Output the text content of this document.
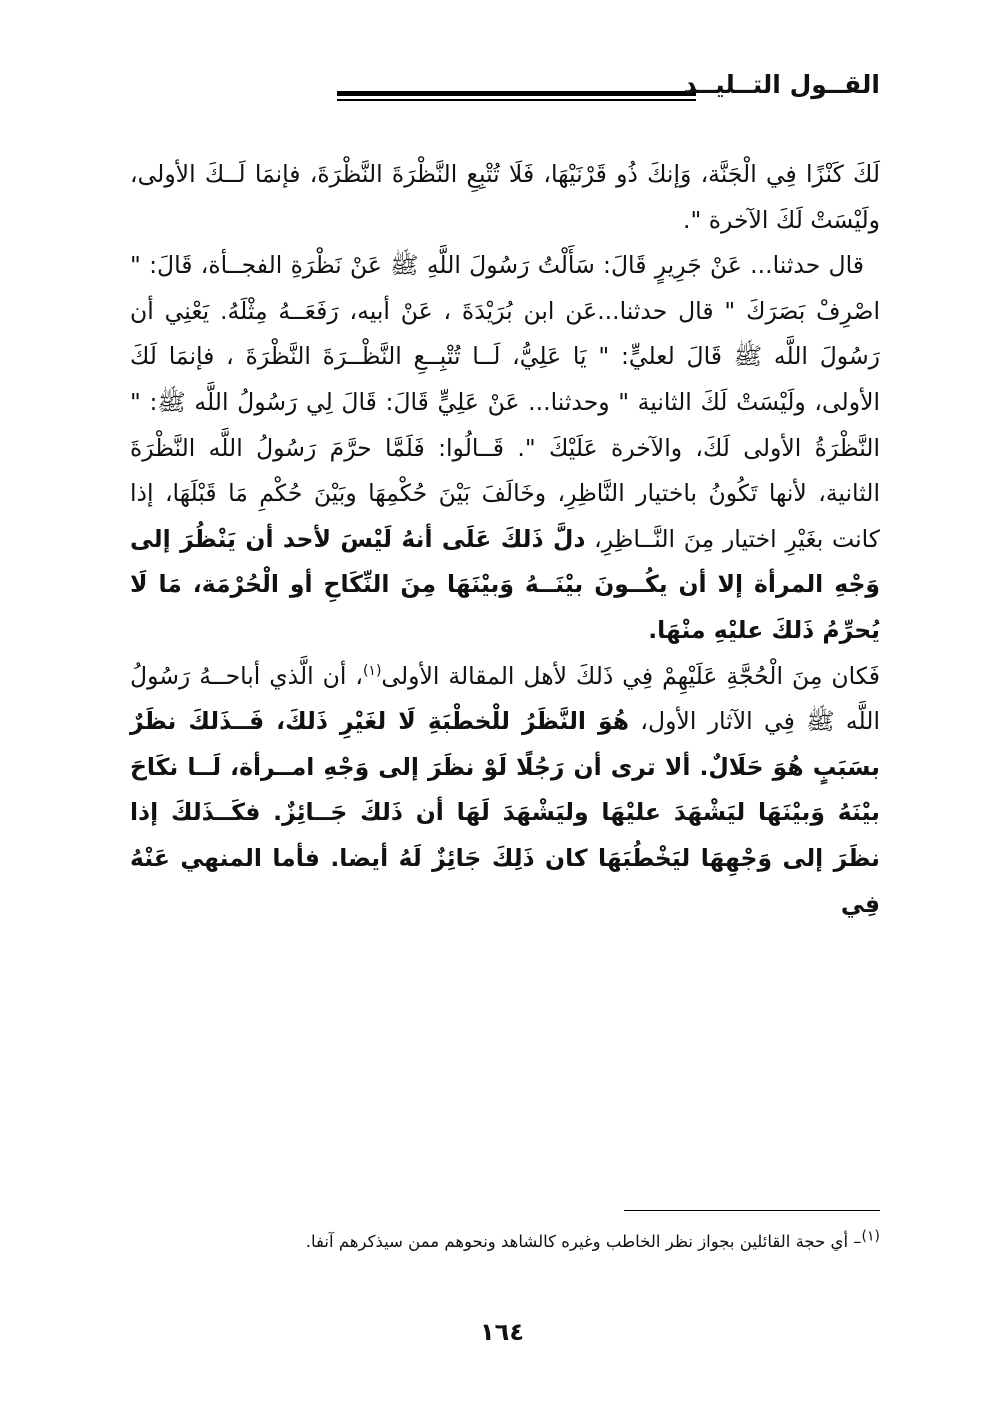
القــول التــليــد

لَكَ كَنْزًا فِي الْجَنَّة، وَإنكَ ذُو قَرْنَيْهَا، فَلَا تُتْبِعِ النَّظْرَةَ النَّظْرَةَ، فإنمَا لَــكَ الأولى، ولَيْسَتْ لَكَ الآخرة ".

قال حدثنا... عَنْ جَرِيرٍ قَالَ: سَأَلْتُ رَسُولَ اللَّهِ ﷺ عَنْ نَظْرَةِ الفجــأة، قَالَ: " اصْرِفْ بَصَرَكَ " قال حدثنا...عَن ابن بُرَيْدَةَ ، عَنْ أبيه، رَفَعَــهُ مِثْلَهُ. يَعْنِي أن رَسُولَ اللَّه ﷺ قَالَ لعليٍّ: " يَا عَلِيُّ، لَــا تُتْبِــعِ النَّظْــرَةَ النَّظْرَةَ ، فإنمَا لَكَ الأولى، ولَيْسَتْ لَكَ الثانية " وحدثنا... عَنْ عَلِيٍّ قَالَ: قَالَ لِي رَسُولُ اللَّه ﷺ: " النَّظْرَةُ الأولى لَكَ، والآخرة عَلَيْكَ ". قَــالُوا: فَلَمَّا حرَّمَ رَسُولُ اللَّه النَّظْرَةَ الثانية، لأنها تَكُونُ باختيار النَّاظِرِ، وخَالَفَ بَيْنَ حُكْمِهَا وبَيْنَ حُكْمِ مَا قَبْلَهَا، إذا كانت بغَيْرِ اختيار مِنَ النَّــاظِرِ، دلَّ ذَلكَ عَلَى أنهُ لَيْسَ لأحد أن يَنْظُرَ إلى وَجْهِ المرأة إلا أن يكُــونَ بيْنَــهُ وَبيْنَهَا مِنَ النِّكَاحِ أو الْحُرْمَة، مَا لَا يُحرِّمُ ذَلكَ عليْهِ منْهَا.

فَكان مِنَ الْحُجَّةِ عَلَيْهِمْ فِي ذَلكَ لأهل المقالة الأولى$^{(١)}$، أن الَّذي أباحــهُ رَسُولُ اللَّه ﷺ فِي الآثار الأول، هُوَ النَّظَرُ للْخطْبَةِ لَا لغَيْرِ ذَلكَ، فَــذَلكَ نظَرٌ بسَبَبٍ هُوَ حَلَالٌ. ألا ترى أن رَجُلًا لَوْ نظَرَ إلى وَجْهِ امــرأة، لَــا نكَاحَ بيْنَهُ وَبيْنَهَا ليَشْهَدَ عليْهَا وليَشْهَدَ لَهَا أن ذَلكَ جَــائِزٌ. فكَــذَلكَ إذا نظَرَ إلى وَجْهِهَا ليَخْطُبَهَا كان ذَلِكَ جَائِزٌ لَهُ أيضا. فأما المنهي عَنْهُ فِي

$^{(١)}$– أي حجة القائلين بجواز نظر الخاطب وغيره كالشاهد ونحوهم ممن سيذكرهم آنفا.
١٦٤
